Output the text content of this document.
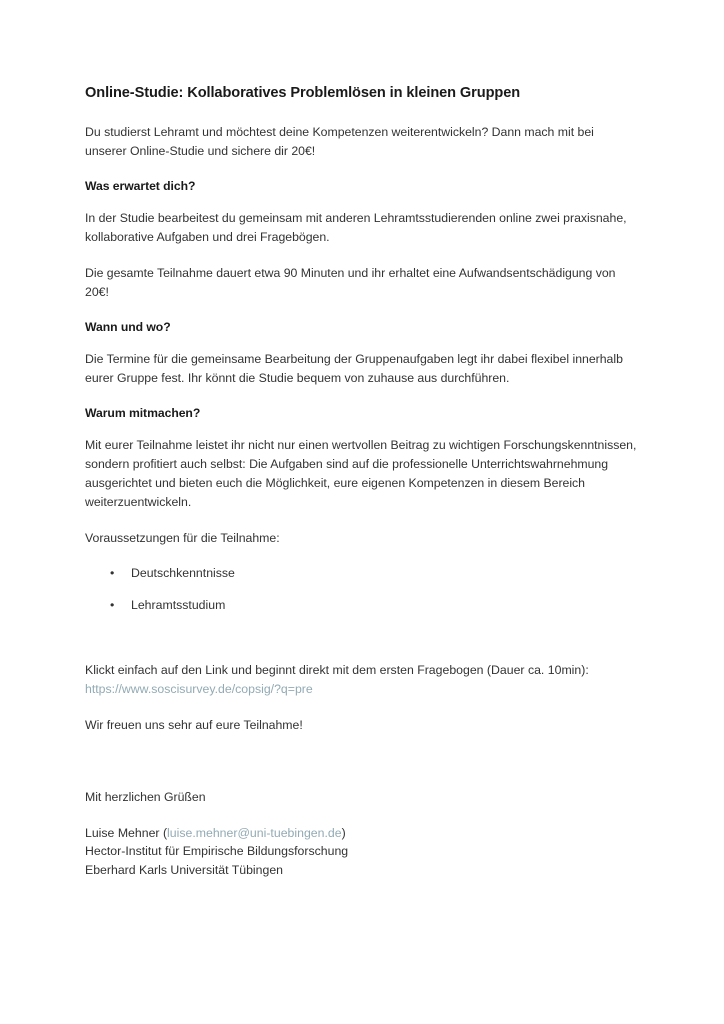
Online-Studie: Kollaboratives Problemlösen in kleinen Gruppen

Du studierst Lehramt und möchtest deine Kompetenzen weiterentwickeln? Dann mach mit bei unserer Online-Studie und sichere dir 20€!

Was erwartet dich?

In der Studie bearbeitest du gemeinsam mit anderen Lehramtsstudierenden online zwei praxisnahe, kollaborative Aufgaben und drei Fragebögen.

Die gesamte Teilnahme dauert etwa 90 Minuten und ihr erhaltet eine Aufwandsentschädigung von 20€!

Wann und wo?

Die Termine für die gemeinsame Bearbeitung der Gruppenaufgaben legt ihr dabei flexibel innerhalb eurer Gruppe fest. Ihr könnt die Studie bequem von zuhause aus durchführen.

Warum mitmachen?

Mit eurer Teilnahme leistet ihr nicht nur einen wertvollen Beitrag zu wichtigen Forschungskenntnissen, sondern profitiert auch selbst: Die Aufgaben sind auf die professionelle Unterrichtswahrnehmung ausgerichtet und bieten euch die Möglichkeit, eure eigenen Kompetenzen in diesem Bereich weiterzuentwickeln.

Voraussetzungen für die Teilnahme:

• Deutschkenntnisse
• Lehramtsstudium
Klickt einfach auf den Link und beginnt direkt mit dem ersten Fragebogen (Dauer ca. 10min):
https://www.soscisurvey.de/copsig/?q=pre

Wir freuen uns sehr auf eure Teilnahme!

Mit herzlichen Grüßen

Luise Mehner (luise.mehner@uni-tuebingen.de)

Hector-Institut für Empirische Bildungsforschung

Eberhard Karls Universität Tübingen
